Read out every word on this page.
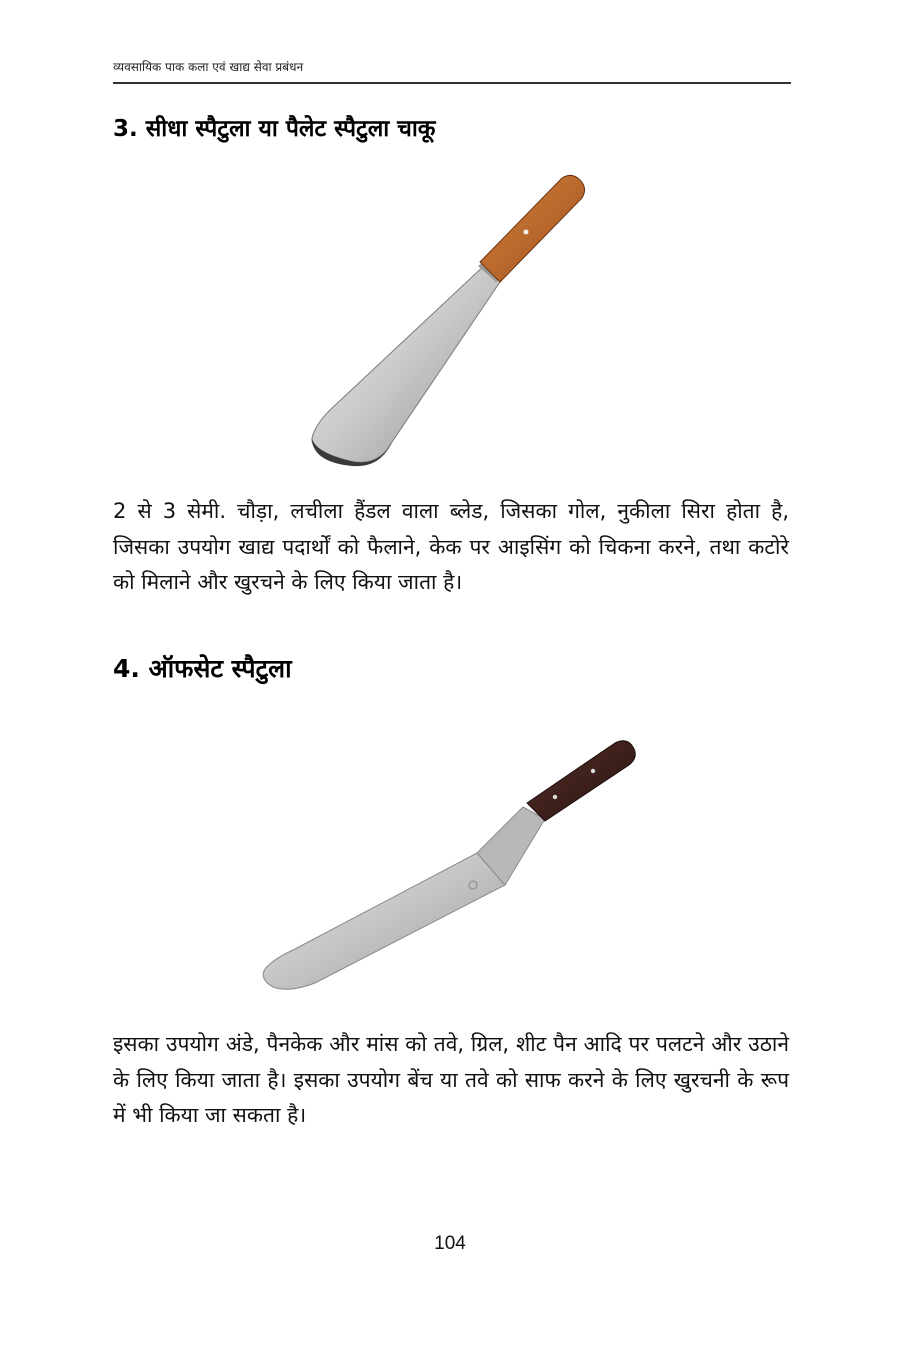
व्यवसायिक पाक कला एवं खाद्य सेवा प्रबंधन
3. सीधा स्पैटुला या पैलेट स्पैटुला चाकू
2 से 3 सेमी. चौड़ा, लचीला हैंडल वाला ब्लेड, जिसका गोल, नुकीला सिरा होता है, जिसका उपयोग खाद्य पदार्थों को फैलाने, केक पर आइसिंग को चिकना करने, तथा कटोरे को मिलाने और खुरचने के लिए किया जाता है।
4. ऑफसेट स्पैटुला
इसका उपयोग अंडे, पैनकेक और मांस को तवे, ग्रिल, शीट पैन आदि पर पलटने और उठाने के लिए किया जाता है। इसका उपयोग बेंच या तवे को साफ करने के लिए खुरचनी के रूप में भी किया जा सकता है।
104
